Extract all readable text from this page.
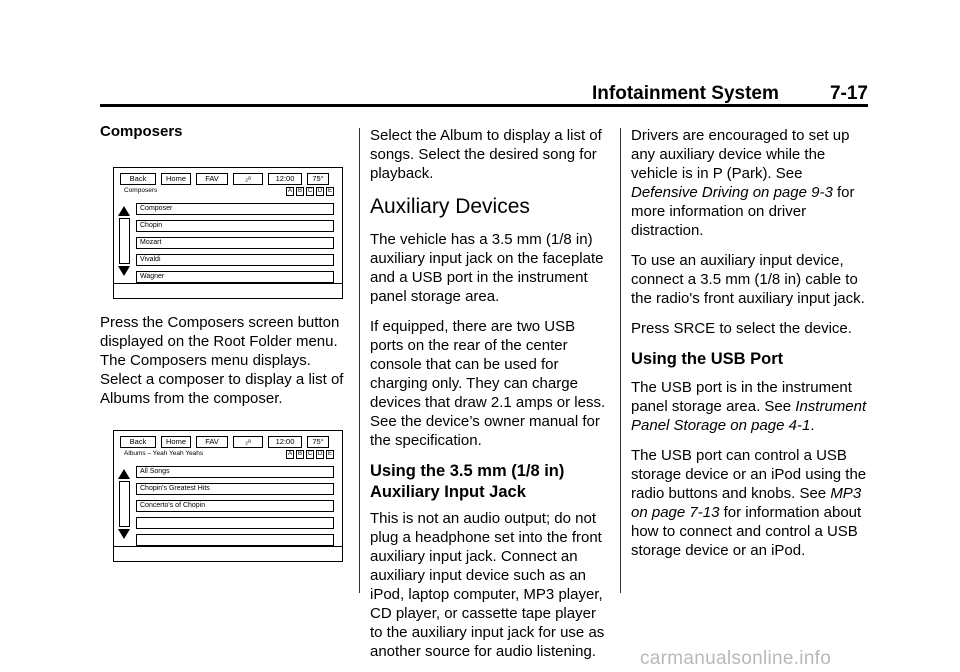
Infotainment System	7-17
Composers
Back	Home	FAV	₂ᵃ	12:00	75°
Composers	A B C D E
Composer
Chopin
Mozart
Vivaldi
Wagner

Press the Composers screen button displayed on the Root Folder menu. The Composers menu displays. Select a composer to display a list of Albums from the composer.

Back	Home	FAV	₂ᵃ	12:00	75°
Albums – Yeah Yeah Yeahs	A B C D E
All Songs
Chopin's Greatest Hits
Concerto's of Chopin

Select the Album to display a list of songs. Select the desired song for playback.

Auxiliary Devices

The vehicle has a 3.5 mm (1/8 in) auxiliary input jack on the faceplate and a USB port in the instrument panel storage area.

If equipped, there are two USB ports on the rear of the center console that can be used for charging only. They can charge devices that draw 2.1 amps or less. See the device’s owner manual for the specification.

Using the 3.5 mm (1/8 in) Auxiliary Input Jack

This is not an audio output; do not plug a headphone set into the front auxiliary input jack. Connect an auxiliary input device such as an iPod, laptop computer, MP3 player, CD player, or cassette tape player to the auxiliary input jack for use as another source for audio listening.

Drivers are encouraged to set up any auxiliary device while the vehicle is in P (Park). See Defensive Driving on page 9-3 for more information on driver distraction.

To use an auxiliary input device, connect a 3.5 mm (1/8 in) cable to the radio's front auxiliary input jack.

Press SRCE to select the device.

Using the USB Port

The USB port is in the instrument panel storage area. See Instrument Panel Storage on page 4-1.

The USB port can control a USB storage device or an iPod using the radio buttons and knobs. See MP3 on page 7-13 for information about how to connect and control a USB storage device or an iPod.

carmanualsonline.info
